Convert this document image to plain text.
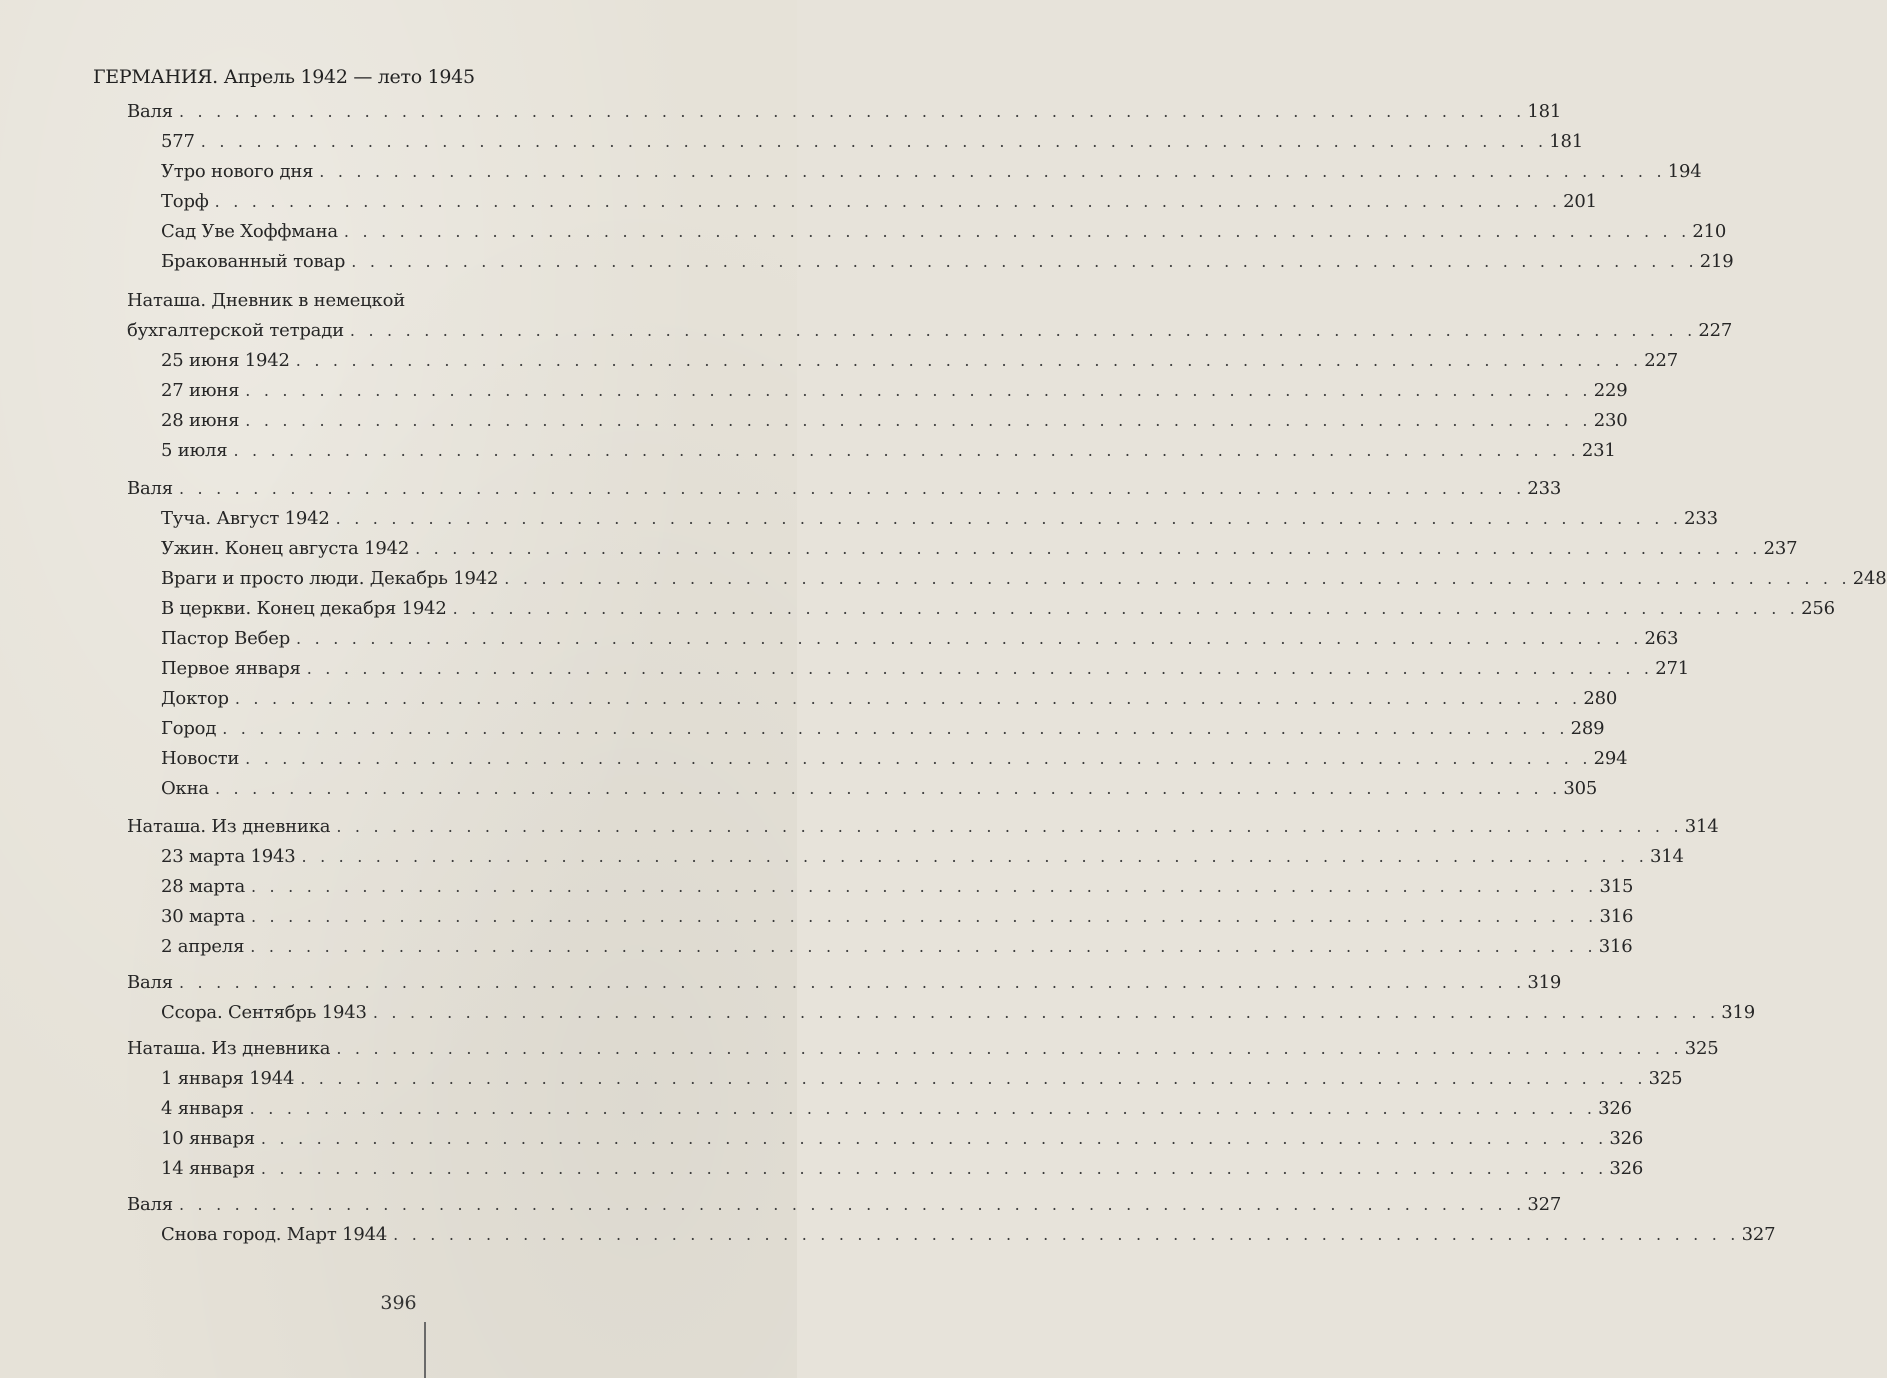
ГЕРМАНИЯ. Апрель 1942 — лето 1945
Валя . . . . . . . . . . . . . . . . . . . . . . . . . . . . . . . . . . . . . . . . . . . . . . . . . . . . . . . . . . . . . . . . . . . . . . . . . 181
577 . . . . . . . . . . . . . . . . . . . . . . . . . . . . . . . . . . . . . . . . . . . . . . . . . . . . . . . . . . . . . . . . . . . . . . . . . 181
Утро нового дня . . . . . . . . . . . . . . . . . . . . . . . . . . . . . . . . . . . . . . . . . . . . . . . . . . . . . . . . . . . . . . . . . . . . . . . . . 194
Торф . . . . . . . . . . . . . . . . . . . . . . . . . . . . . . . . . . . . . . . . . . . . . . . . . . . . . . . . . . . . . . . . . . . . . . . . . 201
Сад Уве Хоффмана . . . . . . . . . . . . . . . . . . . . . . . . . . . . . . . . . . . . . . . . . . . . . . . . . . . . . . . . . . . . . . . . . . . . . . . . . 210
Бракованный товар . . . . . . . . . . . . . . . . . . . . . . . . . . . . . . . . . . . . . . . . . . . . . . . . . . . . . . . . . . . . . . . . . . . . . . . . . 219
Наташа. Дневник в немецкой
бухгалтерской тетради . . . . . . . . . . . . . . . . . . . . . . . . . . . . . . . . . . . . . . . . . . . . . . . . . . . . . . . . . . . . . . . . . . . . . . . . . 227
25 июня 1942 . . . . . . . . . . . . . . . . . . . . . . . . . . . . . . . . . . . . . . . . . . . . . . . . . . . . . . . . . . . . . . . . . . . . . . . . . 227
27 июня . . . . . . . . . . . . . . . . . . . . . . . . . . . . . . . . . . . . . . . . . . . . . . . . . . . . . . . . . . . . . . . . . . . . . . . . . 229
28 июня . . . . . . . . . . . . . . . . . . . . . . . . . . . . . . . . . . . . . . . . . . . . . . . . . . . . . . . . . . . . . . . . . . . . . . . . . 230
5 июля . . . . . . . . . . . . . . . . . . . . . . . . . . . . . . . . . . . . . . . . . . . . . . . . . . . . . . . . . . . . . . . . . . . . . . . . . 231
Валя . . . . . . . . . . . . . . . . . . . . . . . . . . . . . . . . . . . . . . . . . . . . . . . . . . . . . . . . . . . . . . . . . . . . . . . . . 233
Туча. Август 1942 . . . . . . . . . . . . . . . . . . . . . . . . . . . . . . . . . . . . . . . . . . . . . . . . . . . . . . . . . . . . . . . . . . . . . . . . . 233
Ужин. Конец августа 1942 . . . . . . . . . . . . . . . . . . . . . . . . . . . . . . . . . . . . . . . . . . . . . . . . . . . . . . . . . . . . . . . . . . . . . . . . . 237
Враги и просто люди. Декабрь 1942 . . . . . . . . . . . . . . . . . . . . . . . . . . . . . . . . . . . . . . . . . . . . . . . . . . . . . . . . . . . . . . . . . . . . . . . . . 248
В церкви. Конец декабря 1942 . . . . . . . . . . . . . . . . . . . . . . . . . . . . . . . . . . . . . . . . . . . . . . . . . . . . . . . . . . . . . . . . . . . . . . . . . 256
Пастор Вебер . . . . . . . . . . . . . . . . . . . . . . . . . . . . . . . . . . . . . . . . . . . . . . . . . . . . . . . . . . . . . . . . . . . . . . . . . 263
Первое января . . . . . . . . . . . . . . . . . . . . . . . . . . . . . . . . . . . . . . . . . . . . . . . . . . . . . . . . . . . . . . . . . . . . . . . . . 271
Доктор . . . . . . . . . . . . . . . . . . . . . . . . . . . . . . . . . . . . . . . . . . . . . . . . . . . . . . . . . . . . . . . . . . . . . . . . . 280
Город . . . . . . . . . . . . . . . . . . . . . . . . . . . . . . . . . . . . . . . . . . . . . . . . . . . . . . . . . . . . . . . . . . . . . . . . . 289
Новости . . . . . . . . . . . . . . . . . . . . . . . . . . . . . . . . . . . . . . . . . . . . . . . . . . . . . . . . . . . . . . . . . . . . . . . . . 294
Окна . . . . . . . . . . . . . . . . . . . . . . . . . . . . . . . . . . . . . . . . . . . . . . . . . . . . . . . . . . . . . . . . . . . . . . . . . 305
Наташа. Из дневника . . . . . . . . . . . . . . . . . . . . . . . . . . . . . . . . . . . . . . . . . . . . . . . . . . . . . . . . . . . . . . . . . . . . . . . . . 314
23 марта 1943 . . . . . . . . . . . . . . . . . . . . . . . . . . . . . . . . . . . . . . . . . . . . . . . . . . . . . . . . . . . . . . . . . . . . . . . . . 314
28 марта . . . . . . . . . . . . . . . . . . . . . . . . . . . . . . . . . . . . . . . . . . . . . . . . . . . . . . . . . . . . . . . . . . . . . . . . . 315
30 марта . . . . . . . . . . . . . . . . . . . . . . . . . . . . . . . . . . . . . . . . . . . . . . . . . . . . . . . . . . . . . . . . . . . . . . . . . 316
2 апреля . . . . . . . . . . . . . . . . . . . . . . . . . . . . . . . . . . . . . . . . . . . . . . . . . . . . . . . . . . . . . . . . . . . . . . . . . 316
Валя . . . . . . . . . . . . . . . . . . . . . . . . . . . . . . . . . . . . . . . . . . . . . . . . . . . . . . . . . . . . . . . . . . . . . . . . . 319
Ссора. Сентябрь 1943 . . . . . . . . . . . . . . . . . . . . . . . . . . . . . . . . . . . . . . . . . . . . . . . . . . . . . . . . . . . . . . . . . . . . . . . . . 319
Наташа. Из дневника . . . . . . . . . . . . . . . . . . . . . . . . . . . . . . . . . . . . . . . . . . . . . . . . . . . . . . . . . . . . . . . . . . . . . . . . . 325
1 января 1944 . . . . . . . . . . . . . . . . . . . . . . . . . . . . . . . . . . . . . . . . . . . . . . . . . . . . . . . . . . . . . . . . . . . . . . . . . 325
4 января . . . . . . . . . . . . . . . . . . . . . . . . . . . . . . . . . . . . . . . . . . . . . . . . . . . . . . . . . . . . . . . . . . . . . . . . . 326
10 января . . . . . . . . . . . . . . . . . . . . . . . . . . . . . . . . . . . . . . . . . . . . . . . . . . . . . . . . . . . . . . . . . . . . . . . . . 326
14 января . . . . . . . . . . . . . . . . . . . . . . . . . . . . . . . . . . . . . . . . . . . . . . . . . . . . . . . . . . . . . . . . . . . . . . . . . 326
Валя . . . . . . . . . . . . . . . . . . . . . . . . . . . . . . . . . . . . . . . . . . . . . . . . . . . . . . . . . . . . . . . . . . . . . . . . . 327
Снова город. Март 1944 . . . . . . . . . . . . . . . . . . . . . . . . . . . . . . . . . . . . . . . . . . . . . . . . . . . . . . . . . . . . . . . . . . . . . . . . . 327
396
